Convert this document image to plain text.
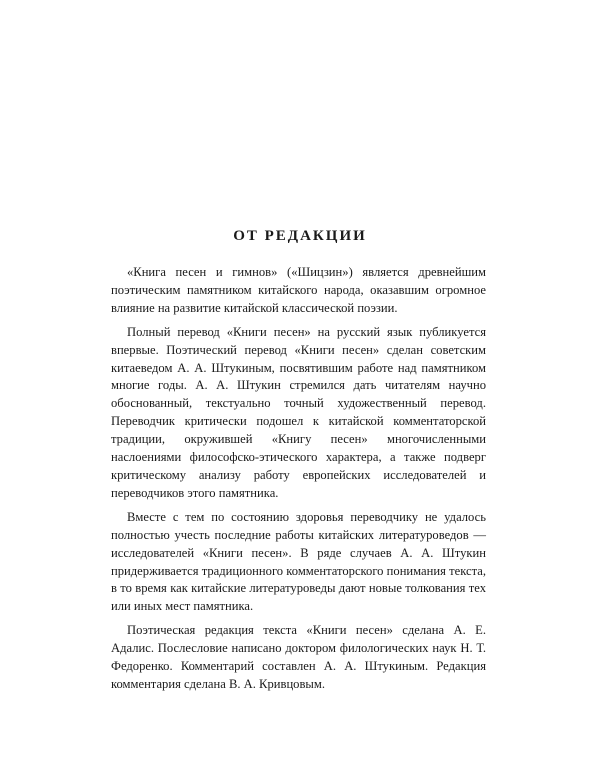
ОТ РЕДАКЦИИ

«Книга песен и гимнов» («Шицзин») является древнейшим поэтическим памятником китайского народа, оказавшим огромное влияние на развитие китайской классической поэзии.

Полный перевод «Книги песен» на русский язык публикуется впервые. Поэтический перевод «Книги песен» сделан советским китаеведом А. А. Штукиным, посвятившим работе над памятником многие годы. А. А. Штукин стремился дать читателям научно обоснованный, текстуально точный художественный перевод. Переводчик критически подошел к китайской комментаторской традиции, окружившей «Книгу песен» многочисленными наслоениями философско-этического характера, а также подверг критическому анализу работу европейских исследователей и переводчиков этого памятника.

Вместе с тем по состоянию здоровья переводчику не удалось полностью учесть последние работы китайских литературоведов — исследователей «Книги песен». В ряде случаев А. А. Штукин придерживается традиционного комментаторского понимания текста, в то время как китайские литературоведы дают новые толкования тех или иных мест памятника.

Поэтическая редакция текста «Книги песен» сделана А. Е. Адалис. Послесловие написано доктором филологических наук Н. Т. Федоренко. Комментарий составлен А. А. Штукиным. Редакция комментария сделана В. А. Кривцовым.
